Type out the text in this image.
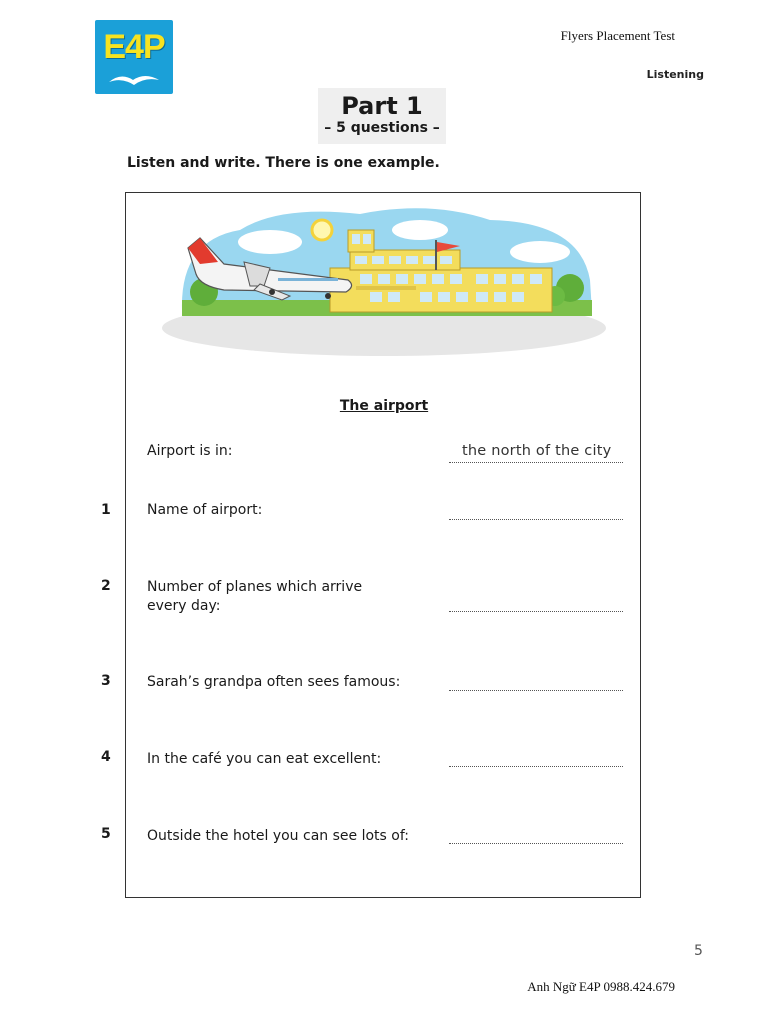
E4P	Flyers Placement Test
Listening
Part 1
– 5 questions –
Listen and write. There is one example.
The airport
Airport is in:	the north of the city
1	Name of airport:
2	Number of planes which arrive every day:
3	Sarah’s grandpa often sees famous:
4	In the café you can eat excellent:
5	Outside the hotel you can see lots of:
5
Anh Ngữ E4P 0988.424.679
